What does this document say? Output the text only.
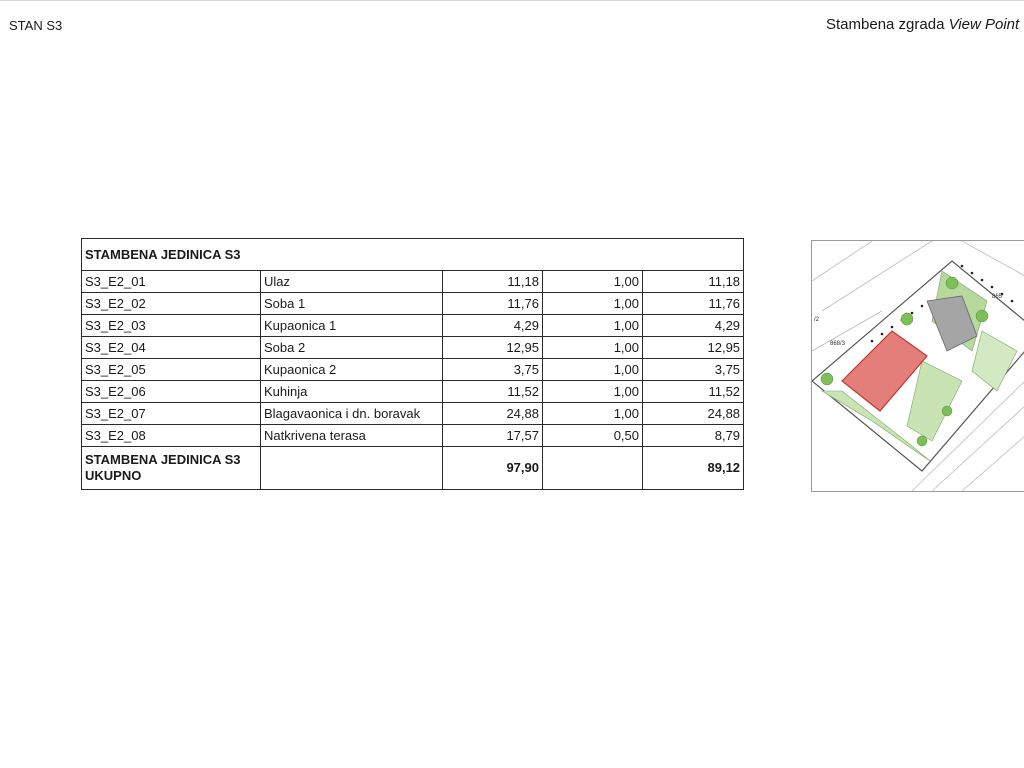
STAN S3	Stambena zgrada View Point
STAMBENA JEDINICA S3				
S3_E2_01	Ulaz	11,18	1,00	11,18
S3_E2_02	Soba 1	11,76	1,00	11,76
S3_E2_03	Kupaonica 1	4,29	1,00	4,29
S3_E2_04	Soba 2	12,95	1,00	12,95
S3_E2_05	Kupaonica 2	3,75	1,00	3,75
S3_E2_06	Kuhinja	11,52	1,00	11,52
S3_E2_07	Blagavaonica i dn. boravak	24,88	1,00	24,88
S3_E2_08	Natkrivena terasa	17,57	0,50	8,79
STAMBENA JEDINICA S3 UKUPNO		97,90		89,12
865
868/3
/2
